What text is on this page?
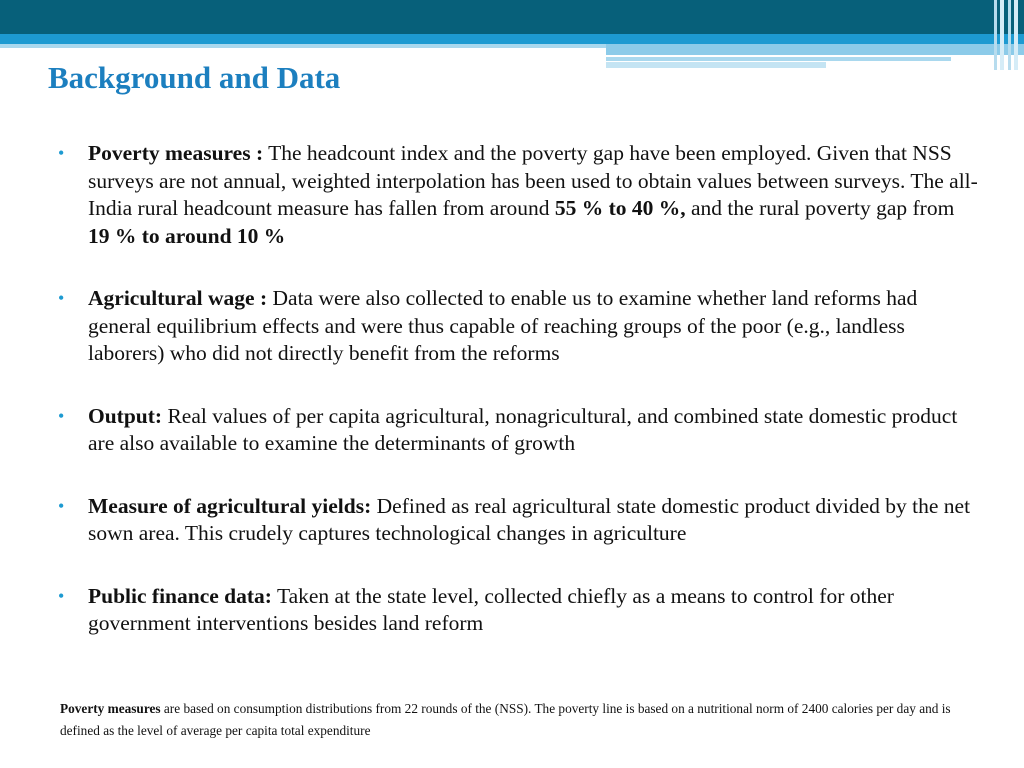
Background and Data
• Poverty measures : The headcount index and the poverty gap have been employed. Given that NSS surveys are not annual, weighted interpolation has been used to obtain values between surveys. The all-India rural headcount measure has fallen from around 55 % to 40 %, and the rural poverty gap from 19 % to around 10 %
• Agricultural wage : Data were also collected to enable us to examine whether land reforms had general equilibrium effects and were thus capable of reaching groups of the poor (e.g., landless laborers) who did not directly benefit from the reforms
• Output: Real values of per capita agricultural, nonagricultural, and combined state domestic product are also available to examine the determinants of growth
• Measure of agricultural yields: Defined as real agricultural state domestic product divided by the net sown area. This crudely captures technological changes in agriculture
• Public finance data: Taken at the state level, collected chiefly as a means to control for other government interventions besides land reform
Poverty measures are based on consumption distributions from 22 rounds of the (NSS). The poverty line is based on a nutritional norm of 2400 calories per day and is defined as the level of average per capita total expenditure
